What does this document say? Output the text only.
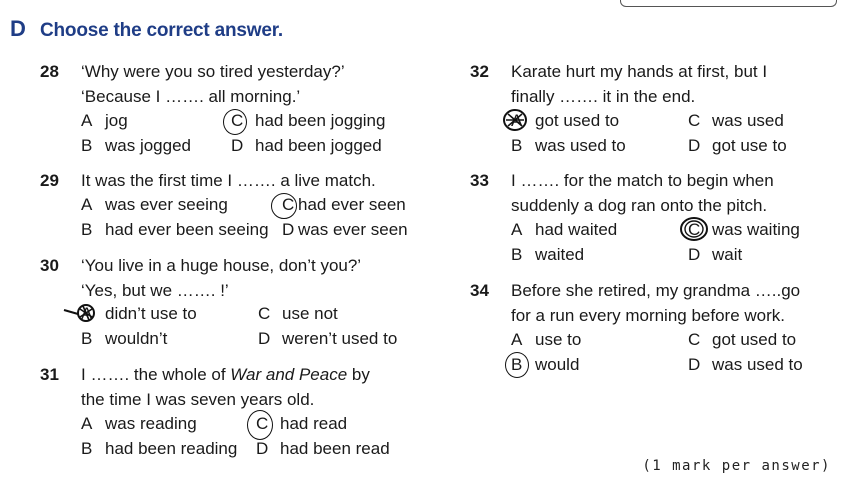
D Choose the correct answer.
28 ‘Why were you so tired yesterday?’
‘Because I ……. all morning.’
A jog
B was jogged
C had been jogging
D had been jogged
29 It was the first time I ……. a live match.
A was ever seeing
B had ever been seeing
C had ever seen
D was ever seen
30 ‘You live in a huge house, don’t you?’
‘Yes, but we ……. !’
A didn’t use to
B wouldn’t
C use not
D weren’t used to
31 I ……. the whole of War and Peace by
the time I was seven years old.
A was reading
B had been reading
C had read
D had been read
32 Karate hurt my hands at first, but I
finally ……. it in the end.
A got used to
B was used to
C was used
D got use to
33 I ……. for the match to begin when
suddenly a dog ran onto the pitch.
A had waited
B waited
C was waiting
D wait
34 Before she retired, my grandma …..go
for a run every morning before work.
A use to
B would
C got used to
D was used to
(1 mark per answer)
